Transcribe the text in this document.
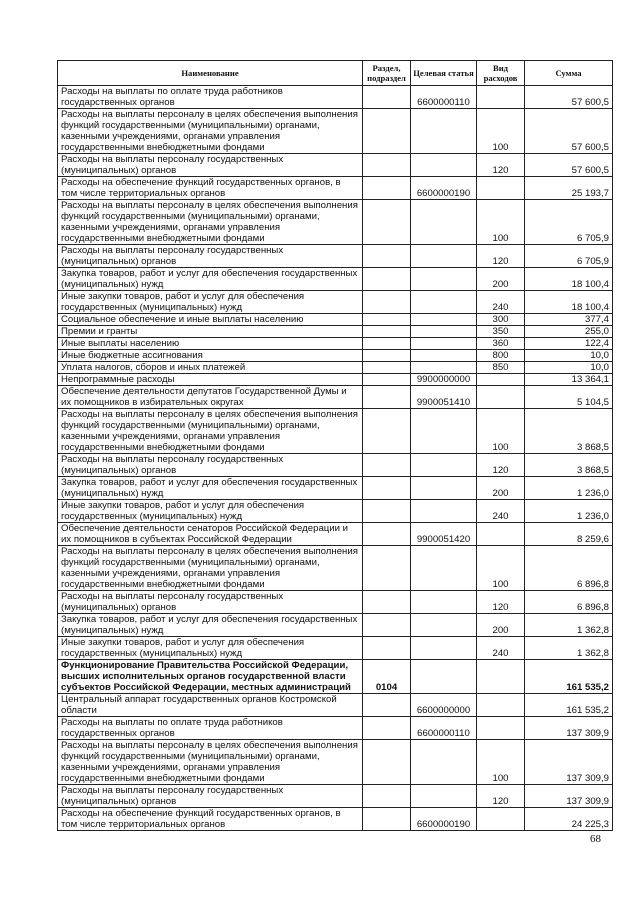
Наименование	Раздел, подраздел	Целевая статья	Вид расходов	Сумма
Расходы на выплаты по оплате труда работников государственных органов		6600000110		57 600,5
Расходы на выплаты персоналу в целях обеспечения выполнения функций государственными (муниципальными) органами, казенными учреждениями, органами управления государственными внебюджетными фондами			100	57 600,5
Расходы на выплаты персоналу государственных (муниципальных) органов			120	57 600,5
Расходы на обеспечение функций государственных органов, в том числе территориальных органов		6600000190		25 193,7
Расходы на выплаты персоналу в целях обеспечения выполнения функций государственными (муниципальными) органами, казенными учреждениями, органами управления государственными внебюджетными фондами			100	6 705,9
Расходы на выплаты персоналу государственных (муниципальных) органов			120	6 705,9
Закупка товаров, работ и услуг для обеспечения государственных (муниципальных) нужд			200	18 100,4
Иные закупки товаров, работ и услуг для обеспечения государственных (муниципальных) нужд			240	18 100,4
Социальное обеспечение и иные выплаты населению			300	377,4
Премии и гранты			350	255,0
Иные выплаты населению			360	122,4
Иные бюджетные ассигнования			800	10,0
Уплата налогов, сборов и иных платежей			850	10,0
Непрограммные расходы		9900000000		13 364,1
Обеспечение деятельности депутатов Государственной Думы и их помощников в избирательных округах		9900051410		5 104,5
Расходы на выплаты персоналу в целях обеспечения выполнения функций государственными (муниципальными) органами, казенными учреждениями, органами управления государственными внебюджетными фондами			100	3 868,5
Расходы на выплаты персоналу государственных (муниципальных) органов			120	3 868,5
Закупка товаров, работ и услуг для обеспечения государственных (муниципальных) нужд			200	1 236,0
Иные закупки товаров, работ и услуг для обеспечения государственных (муниципальных) нужд			240	1 236,0
Обеспечение деятельности сенаторов Российской Федерации и их помощников в субъектах Российской Федерации		9900051420		8 259,6
Расходы на выплаты персоналу в целях обеспечения выполнения функций государственными (муниципальными) органами, казенными учреждениями, органами управления государственными внебюджетными фондами			100	6 896,8
Расходы на выплаты персоналу государственных (муниципальных) органов			120	6 896,8
Закупка товаров, работ и услуг для обеспечения государственных (муниципальных) нужд			200	1 362,8
Иные закупки товаров, работ и услуг для обеспечения государственных (муниципальных) нужд			240	1 362,8
Функционирование Правительства Российской Федерации, высших исполнительных органов государственной власти субъектов Российской Федерации, местных администраций	0104			161 535,2
Центральный аппарат государственных органов Костромской области		6600000000		161 535,2
Расходы на выплаты по оплате труда работников государственных органов		6600000110		137 309,9
Расходы на выплаты персоналу в целях обеспечения выполнения функций государственными (муниципальными) органами, казенными учреждениями, органами управления государственными внебюджетными фондами			100	137 309,9
Расходы на выплаты персоналу государственных (муниципальных) органов			120	137 309,9
Расходы на обеспечение функций государственных органов, в том числе территориальных органов		6600000190		24 225,3
68
